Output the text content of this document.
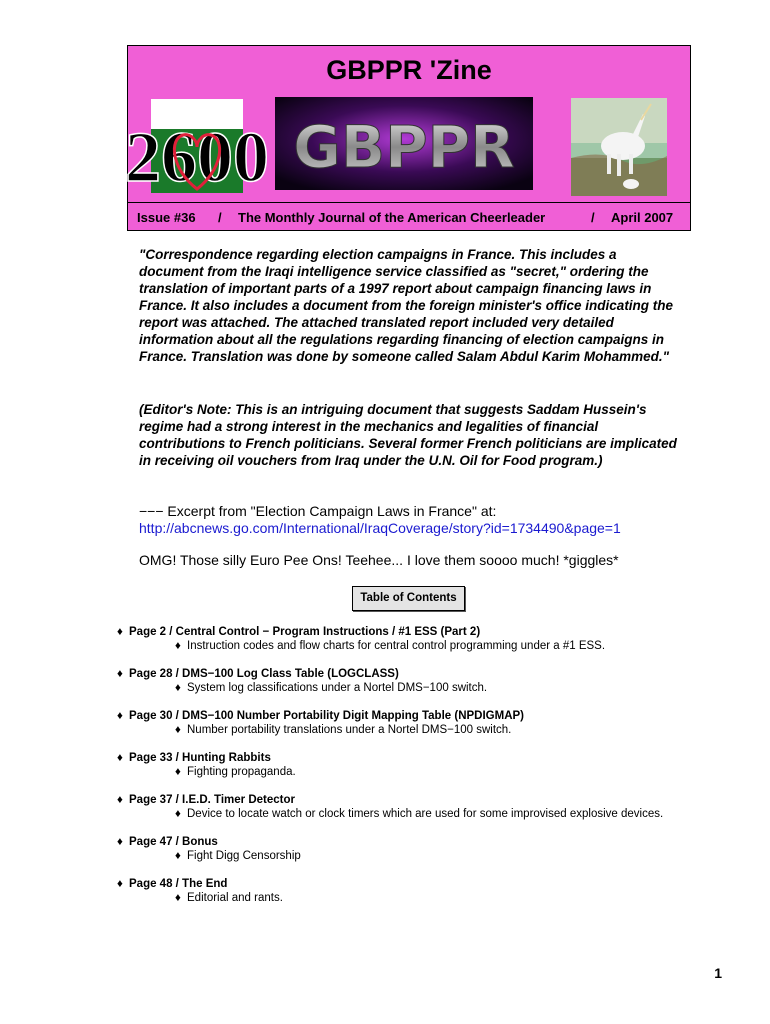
GBPPR 'Zine
2600 GBPPR
Issue #36 / The Monthly Journal of the American Cheerleader	/ April 2007
"Correspondence regarding election campaigns in France. This includes a document from the Iraqi intelligence service classified as "secret," ordering the translation of important parts of a 1997 report about campaign financing laws in France. It also includes a document from the foreign minister's office indicating the report was attached. The attached translated report included very detailed information about all the regulations regarding financing of election campaigns in France. Translation was done by someone called Salam Abdul Karim Mohammed."
(Editor's Note: This is an intriguing document that suggests Saddam Hussein's regime had a strong interest in the mechanics and legalities of financial contributions to French politicians. Several former French politicians are implicated in receiving oil vouchers from Iraq under the U.N. Oil for Food program.)
−−− Excerpt from "Election Campaign Laws in France" at:
http://abcnews.go.com/International/IraqCoverage/story?id=1734490&page=1
OMG! Those silly Euro Pee Ons! Teehee... I love them soooo much! *giggles*
Table of Contents
♦ Page 2 / Central Control − Program Instructions / #1 ESS (Part 2)
♦ Instruction codes and flow charts for central control programming under a #1 ESS.
♦ Page 28 / DMS−100 Log Class Table (LOGCLASS)
♦ System log classifications under a Nortel DMS−100 switch.
♦ Page 30 / DMS−100 Number Portability Digit Mapping Table (NPDIGMAP)
♦ Number portability translations under a Nortel DMS−100 switch.
♦ Page 33 / Hunting Rabbits
♦ Fighting propaganda.
♦ Page 37 / I.E.D. Timer Detector
♦ Device to locate watch or clock timers which are used for some improvised explosive devices.
♦ Page 47 / Bonus
♦ Fight Digg Censorship
♦ Page 48 / The End
♦ Editorial and rants.
1
